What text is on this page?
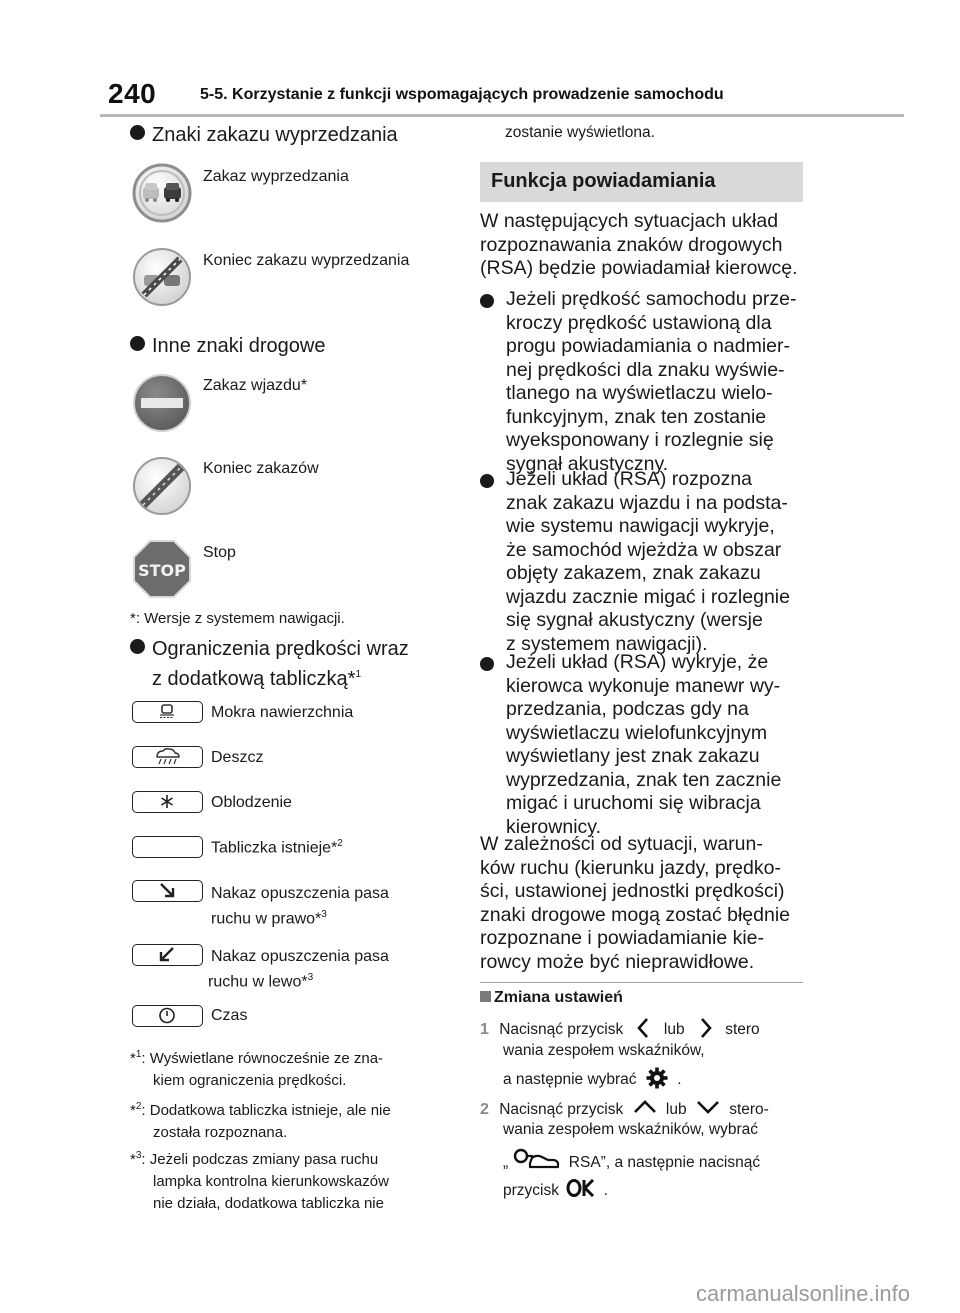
240	5-5. Korzystanie z funkcji wspomagających prowadzenie samochodu
Znaki zakazu wyprzedzania
Zakaz wyprzedzania
Koniec zakazu wyprzedzania
Inne znaki drogowe
Zakaz wjazdu*
Koniec zakazów
STOP
Stop
*: Wersje z systemem nawigacji.
Ograniczenia prędkości wraz
z dodatkową tabliczką*$^1$
Mokra nawierzchnia
Deszcz
Oblodzenie
Tabliczka istnieje*$^2$
Nakaz opuszczenia pasa
ruchu w prawo*$^3$
Nakaz opuszczenia pasa
ruchu w lewo*$^3$
Czas
*$^1$: Wyświetlane równocześnie ze zna-
kiem ograniczenia prędkości.
*$^2$: Dodatkowa tabliczka istnieje, ale nie
została rozpoznana.
*$^3$: Jeżeli podczas zmiany pasa ruchu
lampka kontrolna kierunkowskazów
nie działa, dodatkowa tabliczka nie
zostanie wyświetlona.
Funkcja powiadamiania
W następujących sytuacjach układ
rozpoznawania znaków drogowych
(RSA) będzie powiadamiał kierowcę.
Jeżeli prędkość samochodu prze-
kroczy prędkość ustawioną dla
progu powiadamiania o nadmier-
nej prędkości dla znaku wyświe-
tlanego na wyświetlaczu wielo-
funkcyjnym, znak ten zostanie
wyeksponowany i rozlegnie się
sygnał akustyczny.
Jeżeli układ (RSA) rozpozna
znak zakazu wjazdu i na podsta-
wie systemu nawigacji wykryje,
że samochód wjeżdża w obszar
objęty zakazem, znak zakazu
wjazdu zacznie migać i rozlegnie
się sygnał akustyczny (wersje
z systemem nawigacji).
Jeżeli układ (RSA) wykryje, że
kierowca wykonuje manewr wy-
przedzania, podczas gdy na
wyświetlaczu wielofunkcyjnym
wyświetlany jest znak zakazu
wyprzedzania, znak ten zacznie
migać i uruchomi się wibracja
kierownicy.
W zależności od sytuacji, warun-
ków ruchu (kierunku jazdy, prędko-
ści, ustawionej jednostki prędkości)
znaki drogowe mogą zostać błędnie
rozpoznane i powiadamianie kie-
rowcy może być nieprawidłowe.
Zmiana ustawień
1 Nacisnąć przycisk	lub	stero
wania zespołem wskaźników,
a następnie wybrać	.
2 Nacisnąć przycisk	lub	stero-
wania zespołem wskaźników, wybrać
„	RSA”, a następnie nacisnąć
przycisk	.
carmanualsonline.info
